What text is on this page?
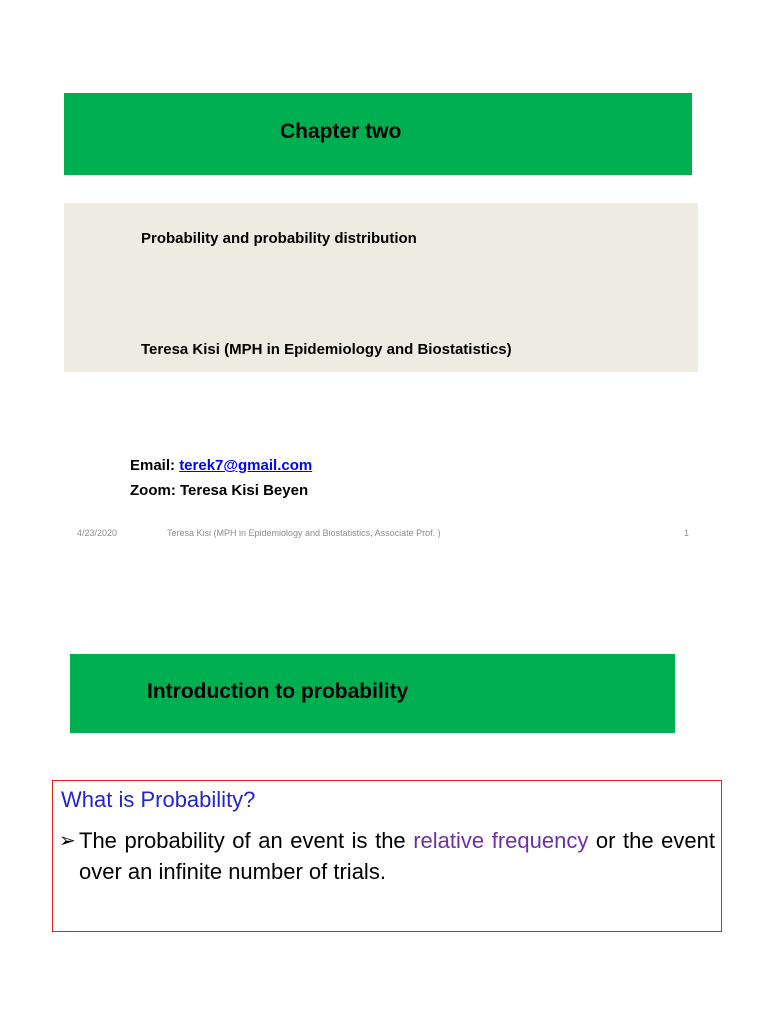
Chapter two
Probability and probability distribution
Teresa Kisi (MPH in Epidemiology and Biostatistics)
Email: terek7@gmail.com
Zoom: Teresa Kisi Beyen
4/23/2020	Teresa Kisi (MPH in Epidemiology and Biostatistics, Associate Prof. )	1
Introduction to probability
What is Probability?
➢ The probability of an event is the relative frequency or the event over an infinite number of trials.
